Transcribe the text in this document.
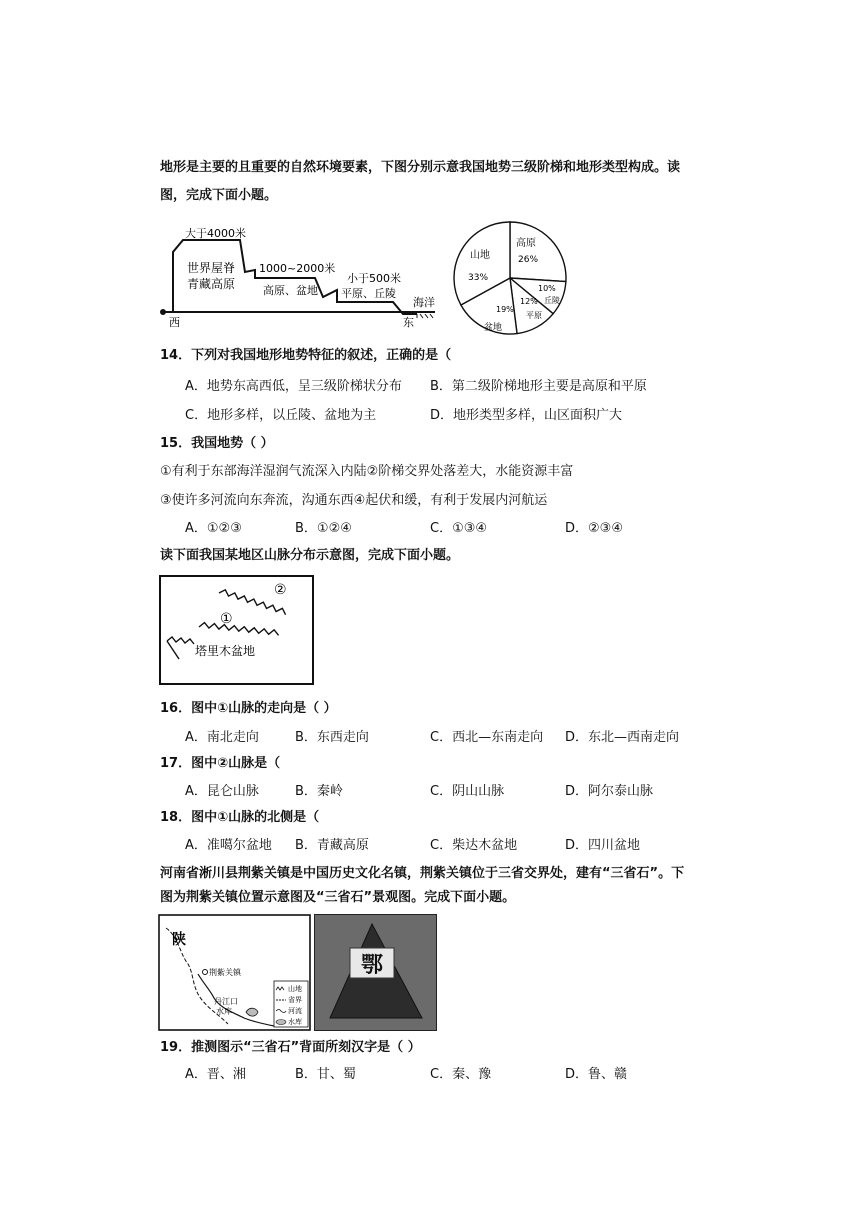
地形是主要的且重要的自然环境要素，下图分别示意我国地势三级阶梯和地形类型构成。读
图，完成下面小题。
大于4000米
世界屋脊
青藏高原
1000~2000米
高原、盆地
小于500米
平原、丘陵
海洋
西	东
山地
33%
高原
26%
10%
丘陵
12%
平原
19%
盆地
14．下列对我国地形地势特征的叙述，正确的是（
A．地势东高西低，呈三级阶梯状分布 B．第二级阶梯地形主要是高原和平原
C．地形多样，以丘陵、盆地为主	D．地形类型多样，山区面积广大
15．我国地势（ ）
①有利于东部海洋湿润气流深入内陆②阶梯交界处落差大，水能资源丰富
③使许多河流向东奔流，沟通东西④起伏和缓，有利于发展内河航运
A．①②③	B．①②④	C．①③④	D．②③④
读下面我国某地区山脉分布示意图，完成下面小题。
①
②
塔里木盆地
16．图中①山脉的走向是（ ）
A．南北走向	B．东西走向	C．西北—东南走向 D．东北—西南走向
17．图中②山脉是（
A．昆仑山脉	B．秦岭	C．阴山山脉	D．阿尔泰山脉
18．图中①山脉的北侧是（
A．准噶尔盆地 B．青藏高原	C．柴达木盆地	D．四川盆地
河南省淅川县荆紫关镇是中国历史文化名镇，荆紫关镇位于三省交界处，建有“三省石”。下
图为荆紫关镇位置示意图及“三省石”景观图。完成下面小题。
陕
荆紫关镇
丹江口
水库
山地
省界
河流
水库
鄂
19．推测图示“三省石”背面所刻汉字是（ ）
A．晋、湘	B．甘、蜀	C．秦、豫	D．鲁、赣
